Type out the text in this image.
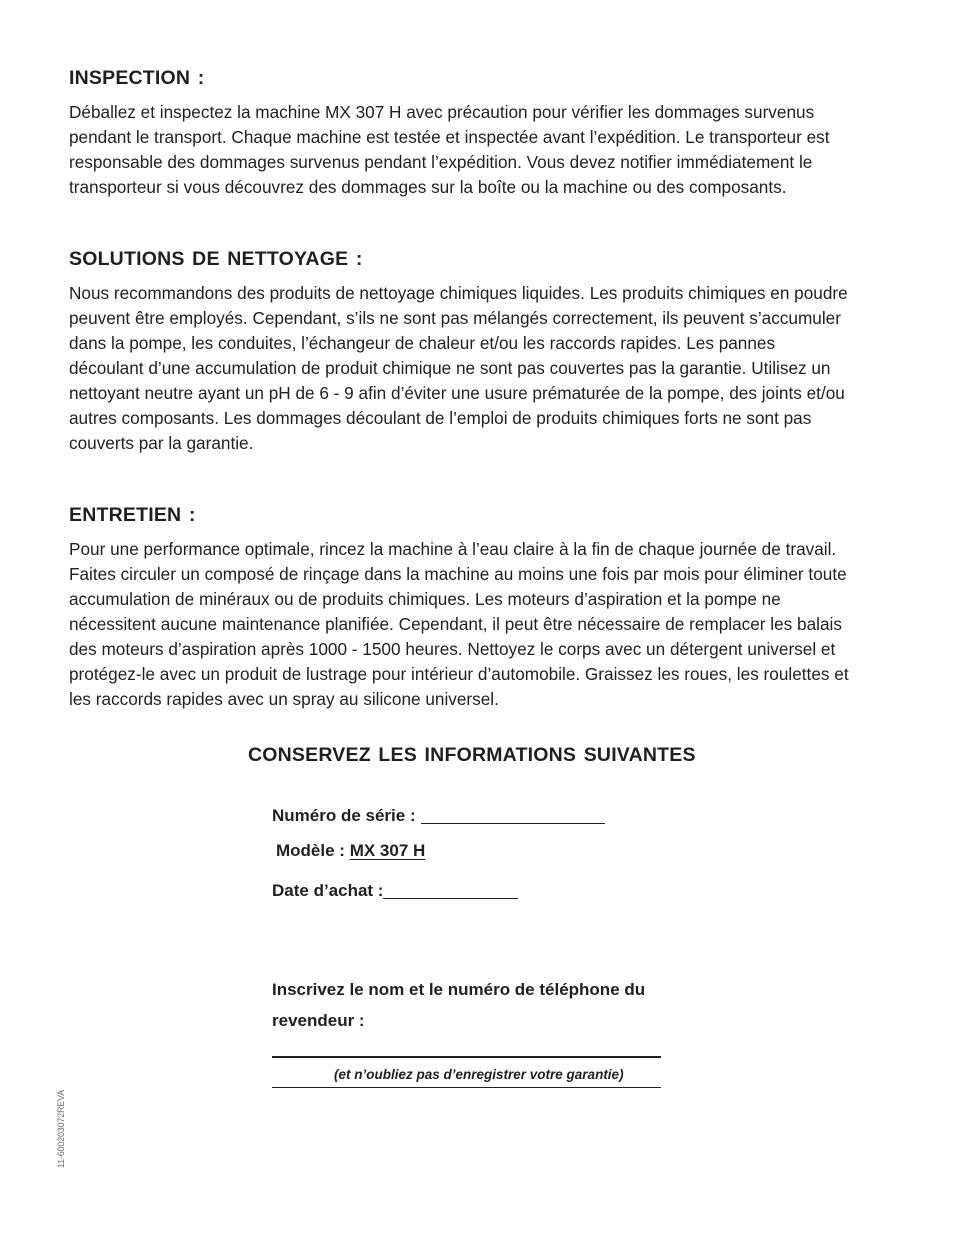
INSPECTION :

Déballez et inspectez la machine MX 307 H avec précaution pour vérifier les dommages survenus
pendant le transport. Chaque machine est testée et inspectée avant l’expédition. Le transporteur est
responsable des dommages survenus pendant l’expédition. Vous devez notifier immédiatement le
transporteur si vous découvrez des dommages sur la boîte ou la machine ou des composants.

SOLUTIONS DE NETTOYAGE :

Nous recommandons des produits de nettoyage chimiques liquides. Les produits chimiques en poudre
peuvent être employés. Cependant, s’ils ne sont pas mélangés correctement, ils peuvent s’accumuler
dans la pompe, les conduites, l’échangeur de chaleur et/ou les raccords rapides. Les pannes
découlant d’une accumulation de produit chimique ne sont pas couvertes pas la garantie. Utilisez un
nettoyant neutre ayant un pH de 6 - 9 afin d’éviter une usure prématurée de la pompe, des joints et/ou
autres composants. Les dommages découlant de l’emploi de produits chimiques forts ne sont pas
couverts par la garantie.

ENTRETIEN :

Pour une performance optimale, rincez la machine à l’eau claire à la fin de chaque journée de travail.
Faites circuler un composé de rinçage dans la machine au moins une fois par mois pour éliminer toute
accumulation de minéraux ou de produits chimiques. Les moteurs d’aspiration et la pompe ne
nécessitent aucune maintenance planifiée. Cependant, il peut être nécessaire de remplacer les balais
des moteurs d’aspiration après 1000 - 1500 heures. Nettoyez le corps avec un détergent universel et
protégez-le avec un produit de lustrage pour intérieur d’automobile. Graissez les roues, les roulettes et
les raccords rapides avec un spray au silicone universel.

CONSERVEZ LES INFORMATIONS SUIVANTES
Numéro de série :
Modèle : MX 307 H
Date d’achat :
Inscrivez le nom et le numéro de téléphone du
revendeur :
(et n’oubliez pas d’enregistrer votre garantie)
11-600203072REVA
